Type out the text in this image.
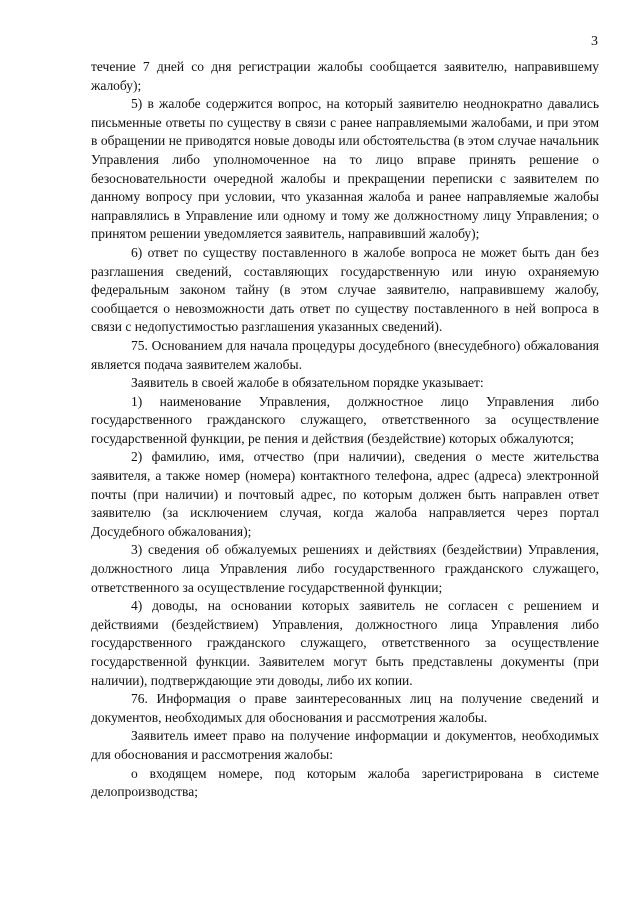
3

течение 7 дней со дня регистрации жалобы сообщается заявителю, направившему жалобу);

5) в жалобе содержится вопрос, на который заявителю неоднократно давались письменные ответы по существу в связи с ранее направляемыми жалобами, и при этом в обращении не приводятся новые доводы или обстоятельства (в этом случае начальник Управления либо уполномоченное на то лицо вправе принять решение о безосновательности очередной жалобы и прекращении переписки с заявителем по данному вопросу при условии, что указанная жалоба и ранее направляемые жалобы направлялись в Управление или одному и тому же должностному лицу Управления; о принятом решении уведомляется заявитель, направивший жалобу);

6) ответ по существу поставленного в жалобе вопроса не может быть дан без разглашения сведений, составляющих государственную или иную охраняемую федеральным законом тайну (в этом случае заявителю, направившему жалобу, сообщается о невозможности дать ответ по существу поставленного в ней вопроса в связи с недопустимостью разглашения указанных сведений).

75. Основанием для начала процедуры досудебного (внесудебного) обжалования является подача заявителем жалобы.

Заявитель в своей жалобе в обязательном порядке указывает:

1) наименование Управления, должностное лицо Управления либо государственного гражданского служащего, ответственного за осуществление государственной функции, ре пения и действия (бездействие) которых обжалуются;

2) фамилию, имя, отчество (при наличии), сведения о месте жительства заявителя, а также номер (номера) контактного телефона, адрес (адреса) электронной почты (при наличии) и почтовый адрес, по которым должен быть направлен ответ заявителю (за исключением случая, когда жалоба направляется через портал Досудебного обжалования);

3) сведения об обжалуемых решениях и действиях (бездействии) Управления, должностного лица Управления либо государственного гражданского служащего, ответственного за осуществление государственной функции;

4) доводы, на основании которых заявитель не согласен с решением и действиями (бездействием) Управления, должностного лица Управления либо государственного гражданского служащего, ответственного за осуществление государственной функции. Заявителем могут быть представлены документы (при наличии), подтверждающие эти доводы, либо их копии.

76. Информация о праве заинтересованных лиц на получение сведений и документов, необходимых для обоснования и рассмотрения жалобы.

Заявитель имеет право на получение информации и документов, необходимых для обоснования и рассмотрения жалобы:

о входящем номере, под которым жалоба зарегистрирована в системе делопроизводства;
